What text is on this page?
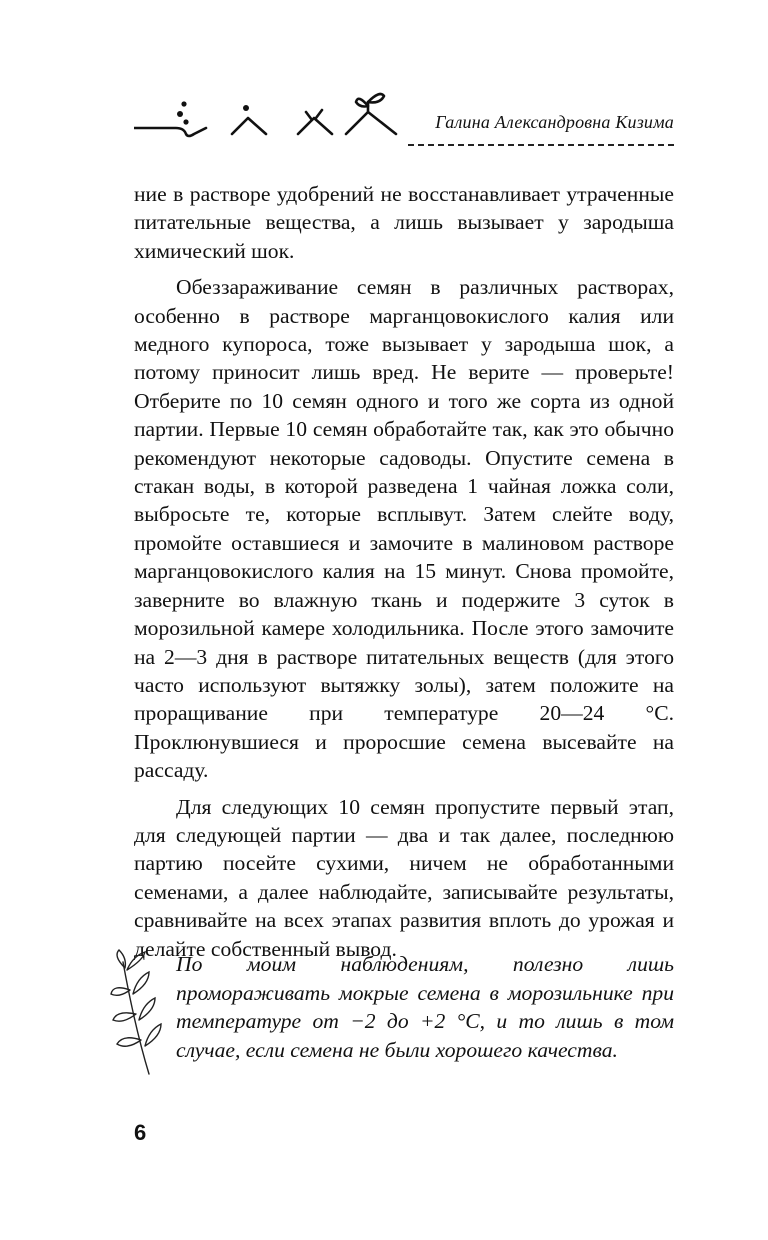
Галина Александровна Кизима

ние в растворе удобрений не восстанавливает утраченные питательные вещества, а лишь вызывает у зародыша химический шок.

Обеззараживание семян в различных растворах, особенно в растворе марганцовокислого калия или медного купороса, тоже вызывает у зародыша шок, а потому приносит лишь вред. Не верите — проверьте! Отберите по 10 семян одного и того же сорта из одной партии. Первые 10 семян обработайте так, как это обычно рекомендуют некоторые садоводы. Опустите семена в стакан воды, в которой разведена 1 чайная ложка соли, выбросьте те, которые всплывут. Затем слейте воду, промойте оставшиеся и замочите в малиновом растворе марганцовокислого калия на 15 минут. Снова промойте, заверните во влажную ткань и подержите 3 суток в морозильной камере холодильника. После этого замочите на 2—3 дня в растворе питательных веществ (для этого часто используют вытяжку золы), затем положите на проращивание при температуре 20—24 °С. Проклюнувшиеся и проросшие семена высевайте на рассаду.

Для следующих 10 семян пропустите первый этап, для следующей партии — два и так далее, последнюю партию посейте сухими, ничем не обработанными семенами, а далее наблюдайте, записывайте результаты, сравнивайте на всех этапах развития вплоть до урожая и делайте собственный вывод.

По моим наблюдениям, полезно лишь промораживать мокрые семена в морозильнике при температуре от −2 до +2 °С, и то лишь в том случае, если семена не были хорошего качества.
6
